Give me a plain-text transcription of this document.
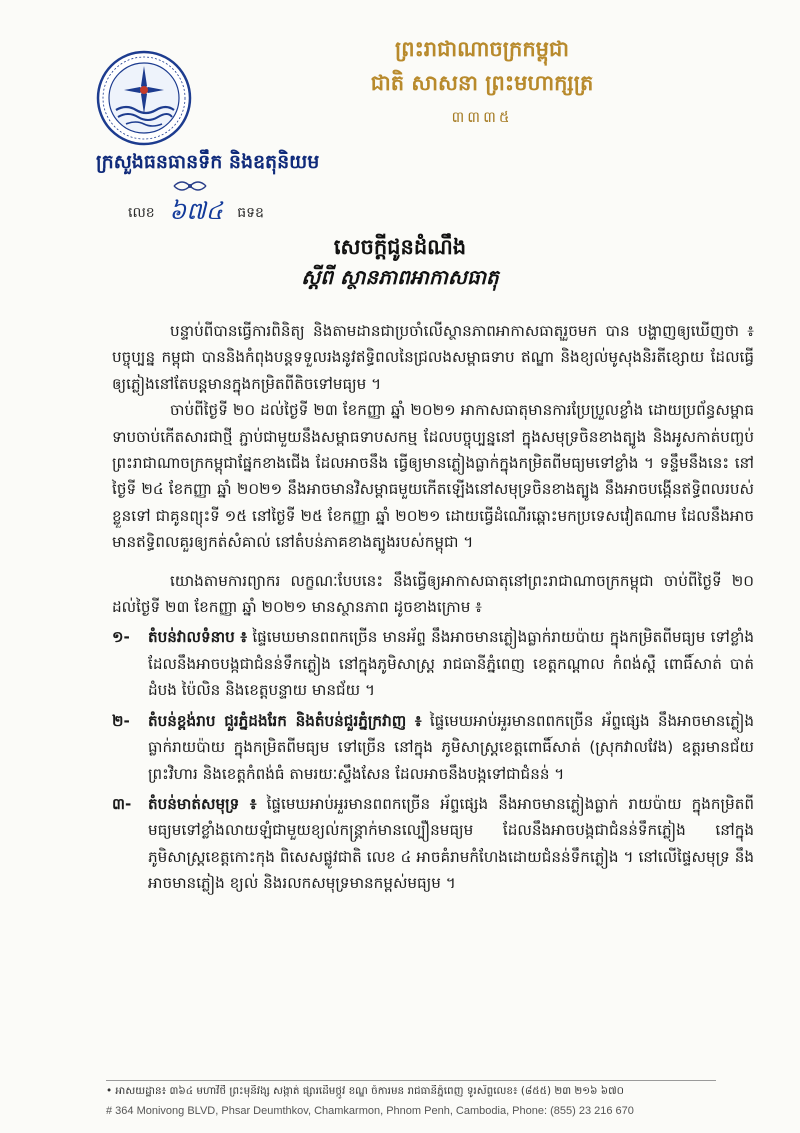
ក្រសួងធនធានទឹក និងឧតុនិយម
លេខ ៦៧៤ ធទឧ
ព្រះរាជាណាចក្រកម្ពុជា
ជាតិ សាសនា ព្រះមហាក្សត្រ
៣៣៣៥
សេចក្តីជូនដំណឹង
ស្តីពី ស្ថានភាពអាកាសធាតុ

បន្ទាប់ពីបានធ្វើការពិនិត្យ និងតាមដានជាប្រចាំលើស្ថានភាពអាកាសធាតុរួចមក បាន បង្ហាញឲ្យឃើញថា ៖ បច្ចុប្បន្ន កម្ពុជា បាននិងកំពុងបន្តទទួលរងនូវឥទ្ធិពលនៃជ្រលងសម្ពាធទាប ឥណ្ឌា និងខ្យល់មូសុងនិរតីខ្សោយ ដែលធ្វើឲ្យភ្លៀងនៅតែបន្តមានក្នុងកម្រិតពីតិចទៅមធ្យម ។

ចាប់ពីថ្ងៃទី ២០ ដល់ថ្ងៃទី ២៣ ខែកញ្ញា ឆ្នាំ ២០២១ អាកាសធាតុមានការប្រែប្រួលខ្លាំង ដោយប្រព័ន្ធសម្ពាធទាបចាប់កើតសារជាថ្មី ភ្ជាប់ជាមួយនឹងសម្ពាធទាបសកម្ម ដែលបច្ចុប្បន្ននៅ ក្នុងសមុទ្រចិនខាងត្បូង និងអូសកាត់បញ្ចប់ព្រះរាជាណាចក្រកម្ពុជាផ្នែកខាងជើង ដែលអាចនឹង ធ្វើឲ្យមានភ្លៀងធ្លាក់ក្នុងកម្រិតពីមធ្យមទៅខ្លាំង ។ ទន្ទឹមនឹងនេះ នៅថ្ងៃទី ២៤ ខែកញ្ញា ឆ្នាំ ២០២១ នឹងអាចមានវិសម្ពាធមួយកើតឡើងនៅសមុទ្រចិនខាងត្បូង នឹងអាចបង្កើនឥទ្ធិពលរបស់ខ្លួនទៅ ជាគូនព្យុះទី ១៥ នៅថ្ងៃទី ២៥ ខែកញ្ញា ឆ្នាំ ២០២១ ដោយធ្វើដំណើរឆ្ពោះមកប្រទេសវៀតណាម ដែលនឹងអាចមានឥទ្ធិពលគួរឲ្យកត់សំគាល់ នៅតំបន់ភាគខាងត្បូងរបស់កម្ពុជា ។

យោងតាមការព្យាករ លក្ខណៈបែបនេះ នឹងធ្វើឲ្យអាកាសធាតុនៅព្រះរាជាណាចក្រកម្ពុជា ចាប់ពីថ្ងៃទី ២០ ដល់ថ្ងៃទី ២៣ ខែកញ្ញា ឆ្នាំ ២០២១ មានស្ថានភាព ដូចខាងក្រោម ៖

១- តំបន់វាលទំនាប ៖ ផ្ទៃមេឃមានពពកច្រើន មានអ័ព្ទ នឹងអាចមានភ្លៀងធ្លាក់រាយប៉ាយ ក្នុងកម្រិតពីមធ្យម ទៅខ្លាំង ដែលនឹងអាចបង្កជាជំនន់ទឹកភ្លៀង នៅក្នុងភូមិសាស្ត្រ រាជធានីភ្នំពេញ ខេត្តកណ្តាល កំពង់ស្ពឺ ពោធិ៍សាត់ បាត់ដំបង ប៉ៃលិន និងខេត្តបន្ទាយ មានជ័យ ។
២- តំបន់ខ្ពង់រាប ជួរភ្នំដងរែក និងតំបន់ជួរភ្នំក្រវាញ ៖ ផ្ទៃមេឃអាប់អួរមានពពកច្រើន អ័ព្ទផ្សេង នឹងអាចមានភ្លៀងធ្លាក់រាយប៉ាយ ក្នុងកម្រិតពីមធ្យម ទៅច្រើន នៅក្នុង ភូមិសាស្ត្រខេត្តពោធិ៍សាត់ (ស្រុកវាលវែង) ឧត្តរមានជ័យ ព្រះវិហារ និងខេត្តកំពង់ធំ តាមរយៈស្ទឹងសែន ដែលអាចនឹងបង្កទៅជាជំនន់ ។
៣- តំបន់មាត់សមុទ្រ ៖ ផ្ទៃមេឃអាប់អួរមានពពកច្រើន អ័ព្ទផ្សេង នឹងអាចមានភ្លៀងធ្លាក់ រាយប៉ាយ ក្នុងកម្រិតពីមធ្យមទៅខ្លាំងលាយឡំជាមួយខ្យល់កន្ត្រាក់មានល្បឿនមធ្យម ដែលនឹងអាចបង្កជាជំនន់ទឹកភ្លៀង នៅក្នុងភូមិសាស្ត្រខេត្តកោះកុង ពិសេសផ្លូវជាតិ លេខ ៤ អាចគំរាមកំហែងដោយជំនន់ទឹកភ្លៀង ។ នៅលើផ្ទៃសមុទ្រ នឹងអាចមានភ្លៀង ខ្យល់ និងរលកសមុទ្រមានកម្ពស់មធ្យម ។
• អាសយដ្ឋាន៖ ៣៦៤ មហាវិថី ព្រះមុនីវង្ស សង្កាត់ ផ្សារដើមថ្កូវ ខណ្ឌ ចំការមន រាជធានីភ្នំពេញ ទូរស័ព្ទលេខ៖ (៨៥៥) ២៣ ២១៦ ៦៧០
# 364 Monivong BLVD, Phsar Deumthkov, Chamkarmon, Phnom Penh, Cambodia, Phone: (855) 23 216 670
